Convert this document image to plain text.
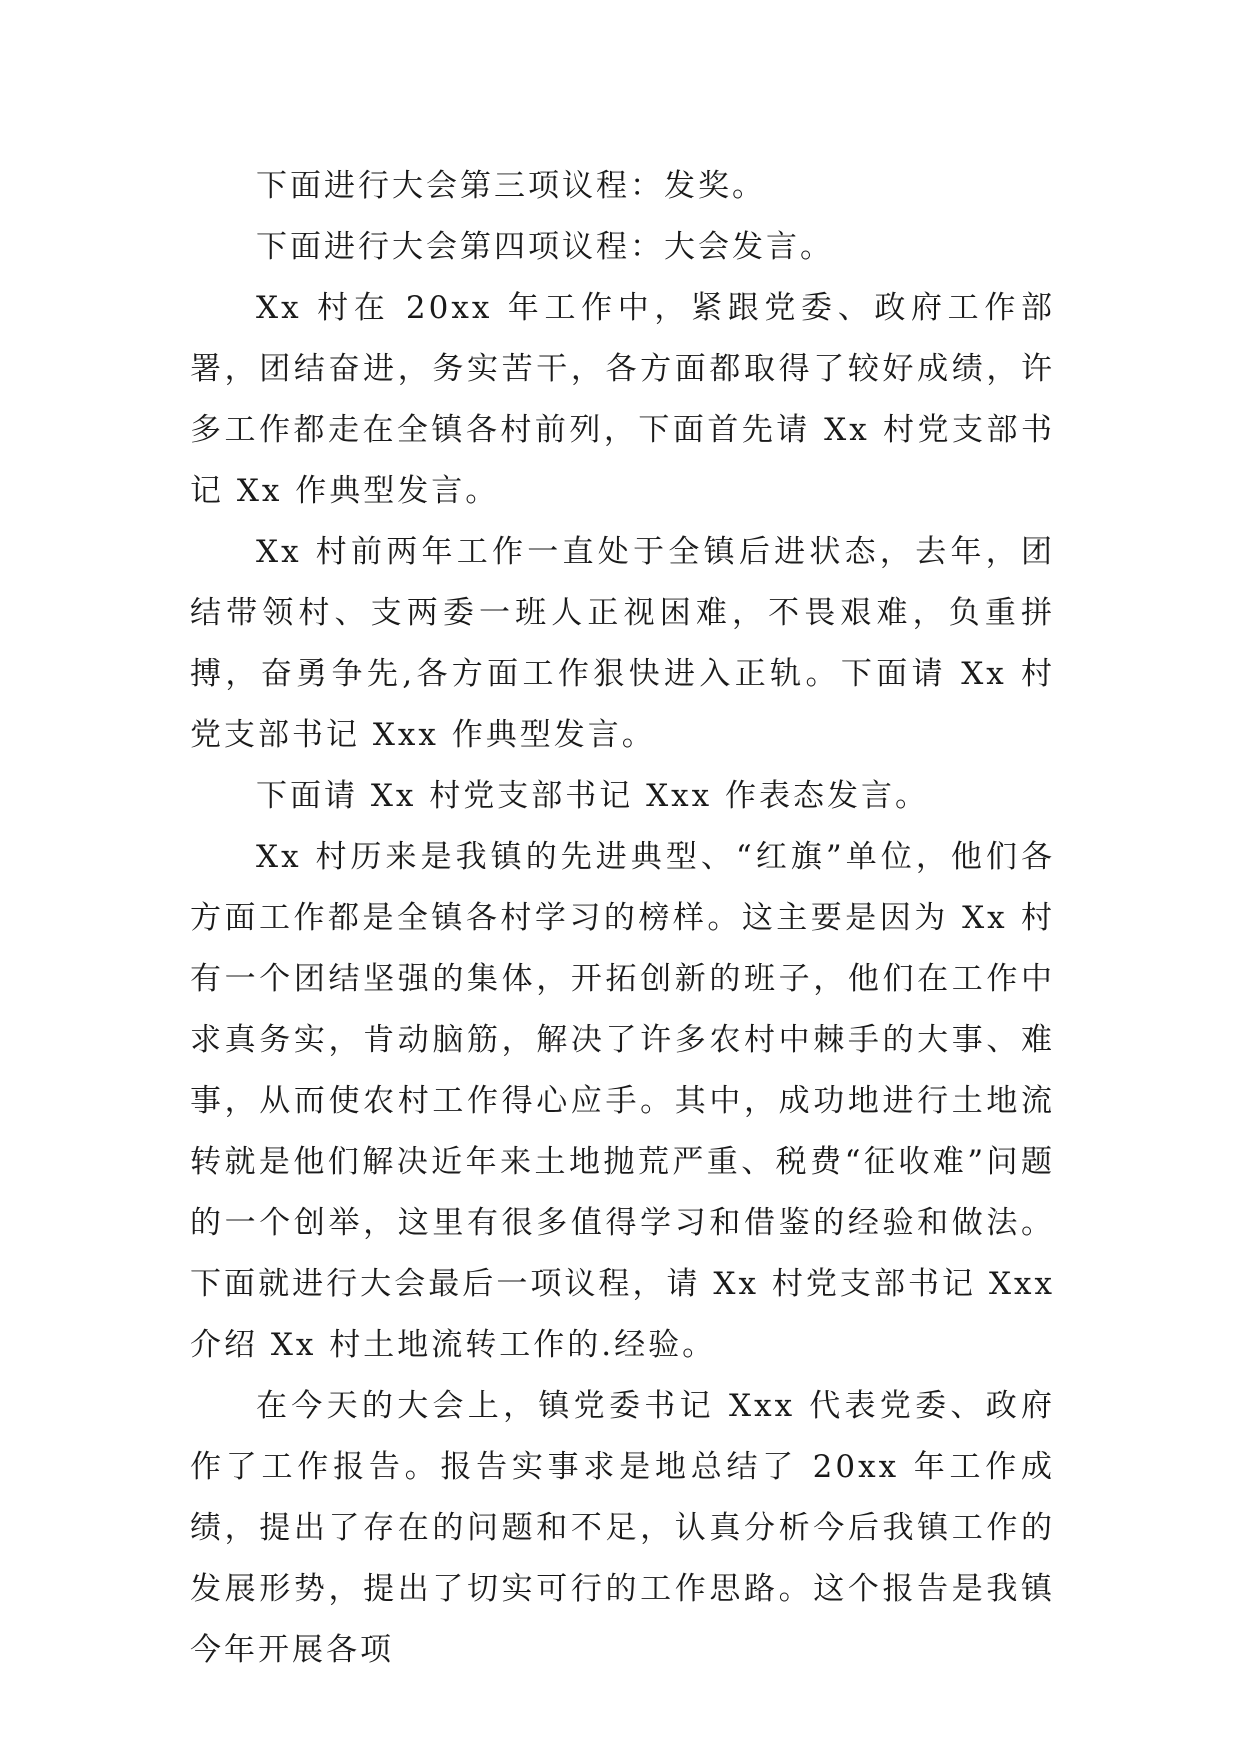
下面进行大会第三项议程：发奖。

下面进行大会第四项议程：大会发言。

Xx 村在 20xx 年工作中，紧跟党委、政府工作部署，团结奋进，务实苦干，各方面都取得了较好成绩，许多工作都走在全镇各村前列，下面首先请 Xx 村党支部书记 Xx 作典型发言。

Xx 村前两年工作一直处于全镇后进状态，去年，团结带领村、支两委一班人正视困难，不畏艰难，负重拼搏，奋勇争先,各方面工作狠快进入正轨。下面请 Xx 村党支部书记 Xxx 作典型发言。

下面请 Xx 村党支部书记 Xxx 作表态发言。

Xx 村历来是我镇的先进典型、“红旗”单位，他们各方面工作都是全镇各村学习的榜样。这主要是因为 Xx 村有一个团结坚强的集体，开拓创新的班子，他们在工作中求真务实，肯动脑筋，解决了许多农村中棘手的大事、难事，从而使农村工作得心应手。其中，成功地进行土地流转就是他们解决近年来土地抛荒严重、税费“征收难”问题的一个创举，这里有很多值得学习和借鉴的经验和做法。下面就进行大会最后一项议程，请 Xx 村党支部书记 Xxx 介绍 Xx 村土地流转工作的.经验。

在今天的大会上，镇党委书记 Xxx 代表党委、政府作了工作报告。报告实事求是地总结了 20xx 年工作成绩，提出了存在的问题和不足，认真分析今后我镇工作的发展形势，提出了切实可行的工作思路。这个报告是我镇今年开展各项
